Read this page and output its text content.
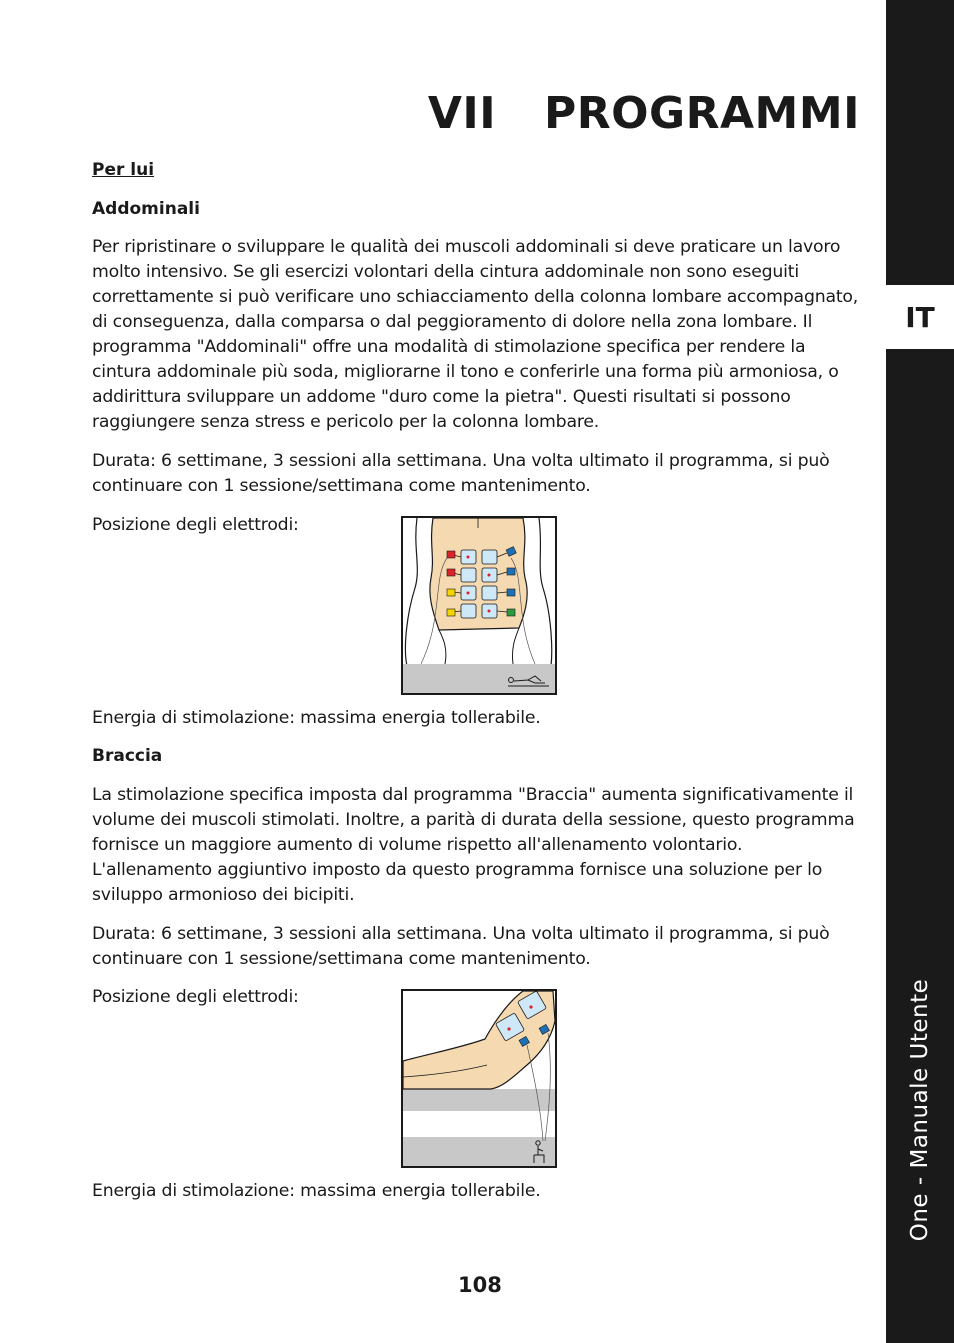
IT
One - Manuale Utente
VII PROGRAMMI
Per lui
Addominali

Per ripristinare o sviluppare le qualità dei muscoli addominali si deve praticare un lavoro molto intensivo. Se gli esercizi volontari della cintura addominale non sono eseguiti correttamente si può verificare uno schiacciamento della colonna lombare accompagnato, di conseguenza, dalla comparsa o dal peggioramento di dolore nella zona lombare. Il programma "Addominali" offre una modalità di stimolazione specifica per rendere la cintura addominale più soda, migliorarne il tono e conferirle una forma più armoniosa, o addirittura sviluppare un addome "duro come la pietra". Questi risultati si possono raggiungere senza stress e pericolo per la colonna lombare.

Durata: 6 settimane, 3 sessioni alla settimana. Una volta ultimato il programma, si può continuare con 1 sessione/settimana come mantenimento.

Posizione degli elettrodi:

Energia di stimolazione: massima energia tollerabile.

Braccia

La stimolazione specifica imposta dal programma "Braccia" aumenta significativamente il volume dei muscoli stimolati. Inoltre, a parità di durata della sessione, questo programma fornisce un maggiore aumento di volume rispetto all'allenamento volontario. L'allenamento aggiuntivo imposto da questo programma fornisce una soluzione per lo sviluppo armonioso dei bicipiti.

Durata: 6 settimane, 3 sessioni alla settimana. Una volta ultimato il programma, si può continuare con 1 sessione/settimana come mantenimento.

Posizione degli elettrodi:

Energia di stimolazione: massima energia tollerabile.

108
